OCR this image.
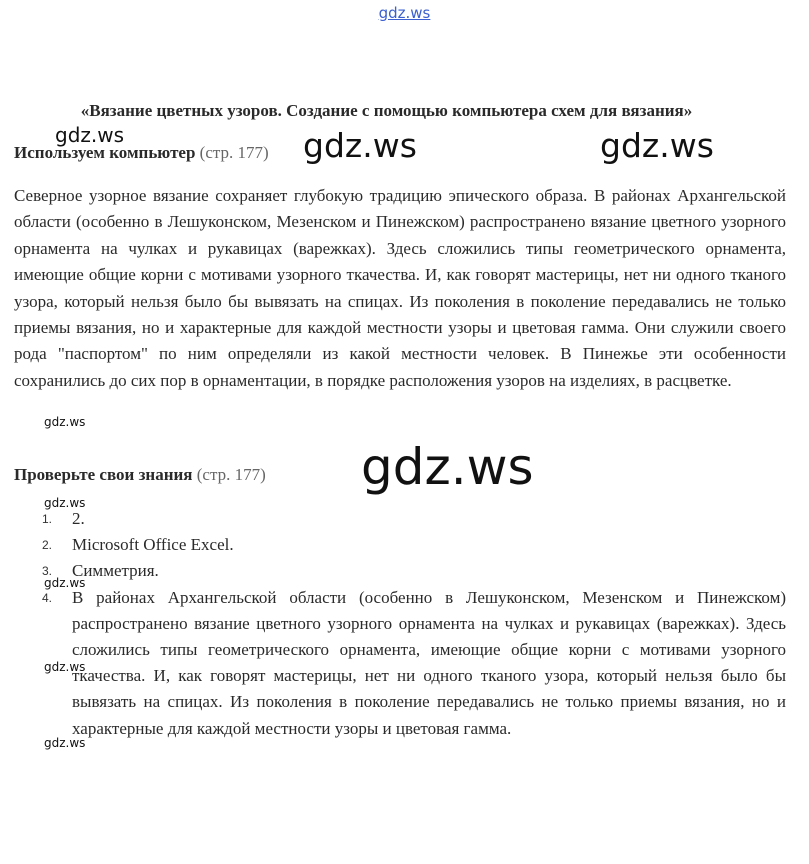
gdz.ws
«Вязание цветных узоров. Создание с помощью компьютера схем для вязания»
Используем компьютер (стр. 177)

Северное узорное вязание сохраняет глубокую традицию эпического образа. В районах Архангельской области (особенно в Лешуконском, Мезенском и Пинежском) распространено вязание цветного узорного орнамента на чулках и рукавицах (варежках). Здесь сложились типы геометрического орнамента, имеющие общие корни с мотивами узорного ткачества. И, как говорят мастерицы, нет ни одного тканого узора, который нельзя было бы вывязать на спицах. Из поколения в поколение передавались не только приемы вязания, но и характерные для каждой местности узоры и цветовая гамма. Они служили своего рода "паспортом" по ним определяли из какой местности человек. В Пинежье эти особенности сохранились до сих пор в орнаментации, в порядке расположения узоров на изделиях, в расцветке.

Проверьте свои знания (стр. 177)
1. 2.
2. Microsoft Office Excel.
3. Симметрия.
4. В районах Архангельской области (особенно в Лешуконском, Мезенском и Пинежском) распространено вязание цветного узорного орнамента на чулках и рукавицах (варежках). Здесь сложились типы геометрического орнамента, имеющие общие корни с мотивами узорного ткачества. И, как говорят мастерицы, нет ни одного тканого узора, который нельзя было бы вывязать на спицах. Из поколения в поколение передавались не только приемы вязания, но и характерные для каждой местности узоры и цветовая гамма.
gdz.ws	gdz.ws	gdz.ws
gdz.ws
gdz.ws
gdz.ws
gdz.ws
gdz.ws
gdz.ws
